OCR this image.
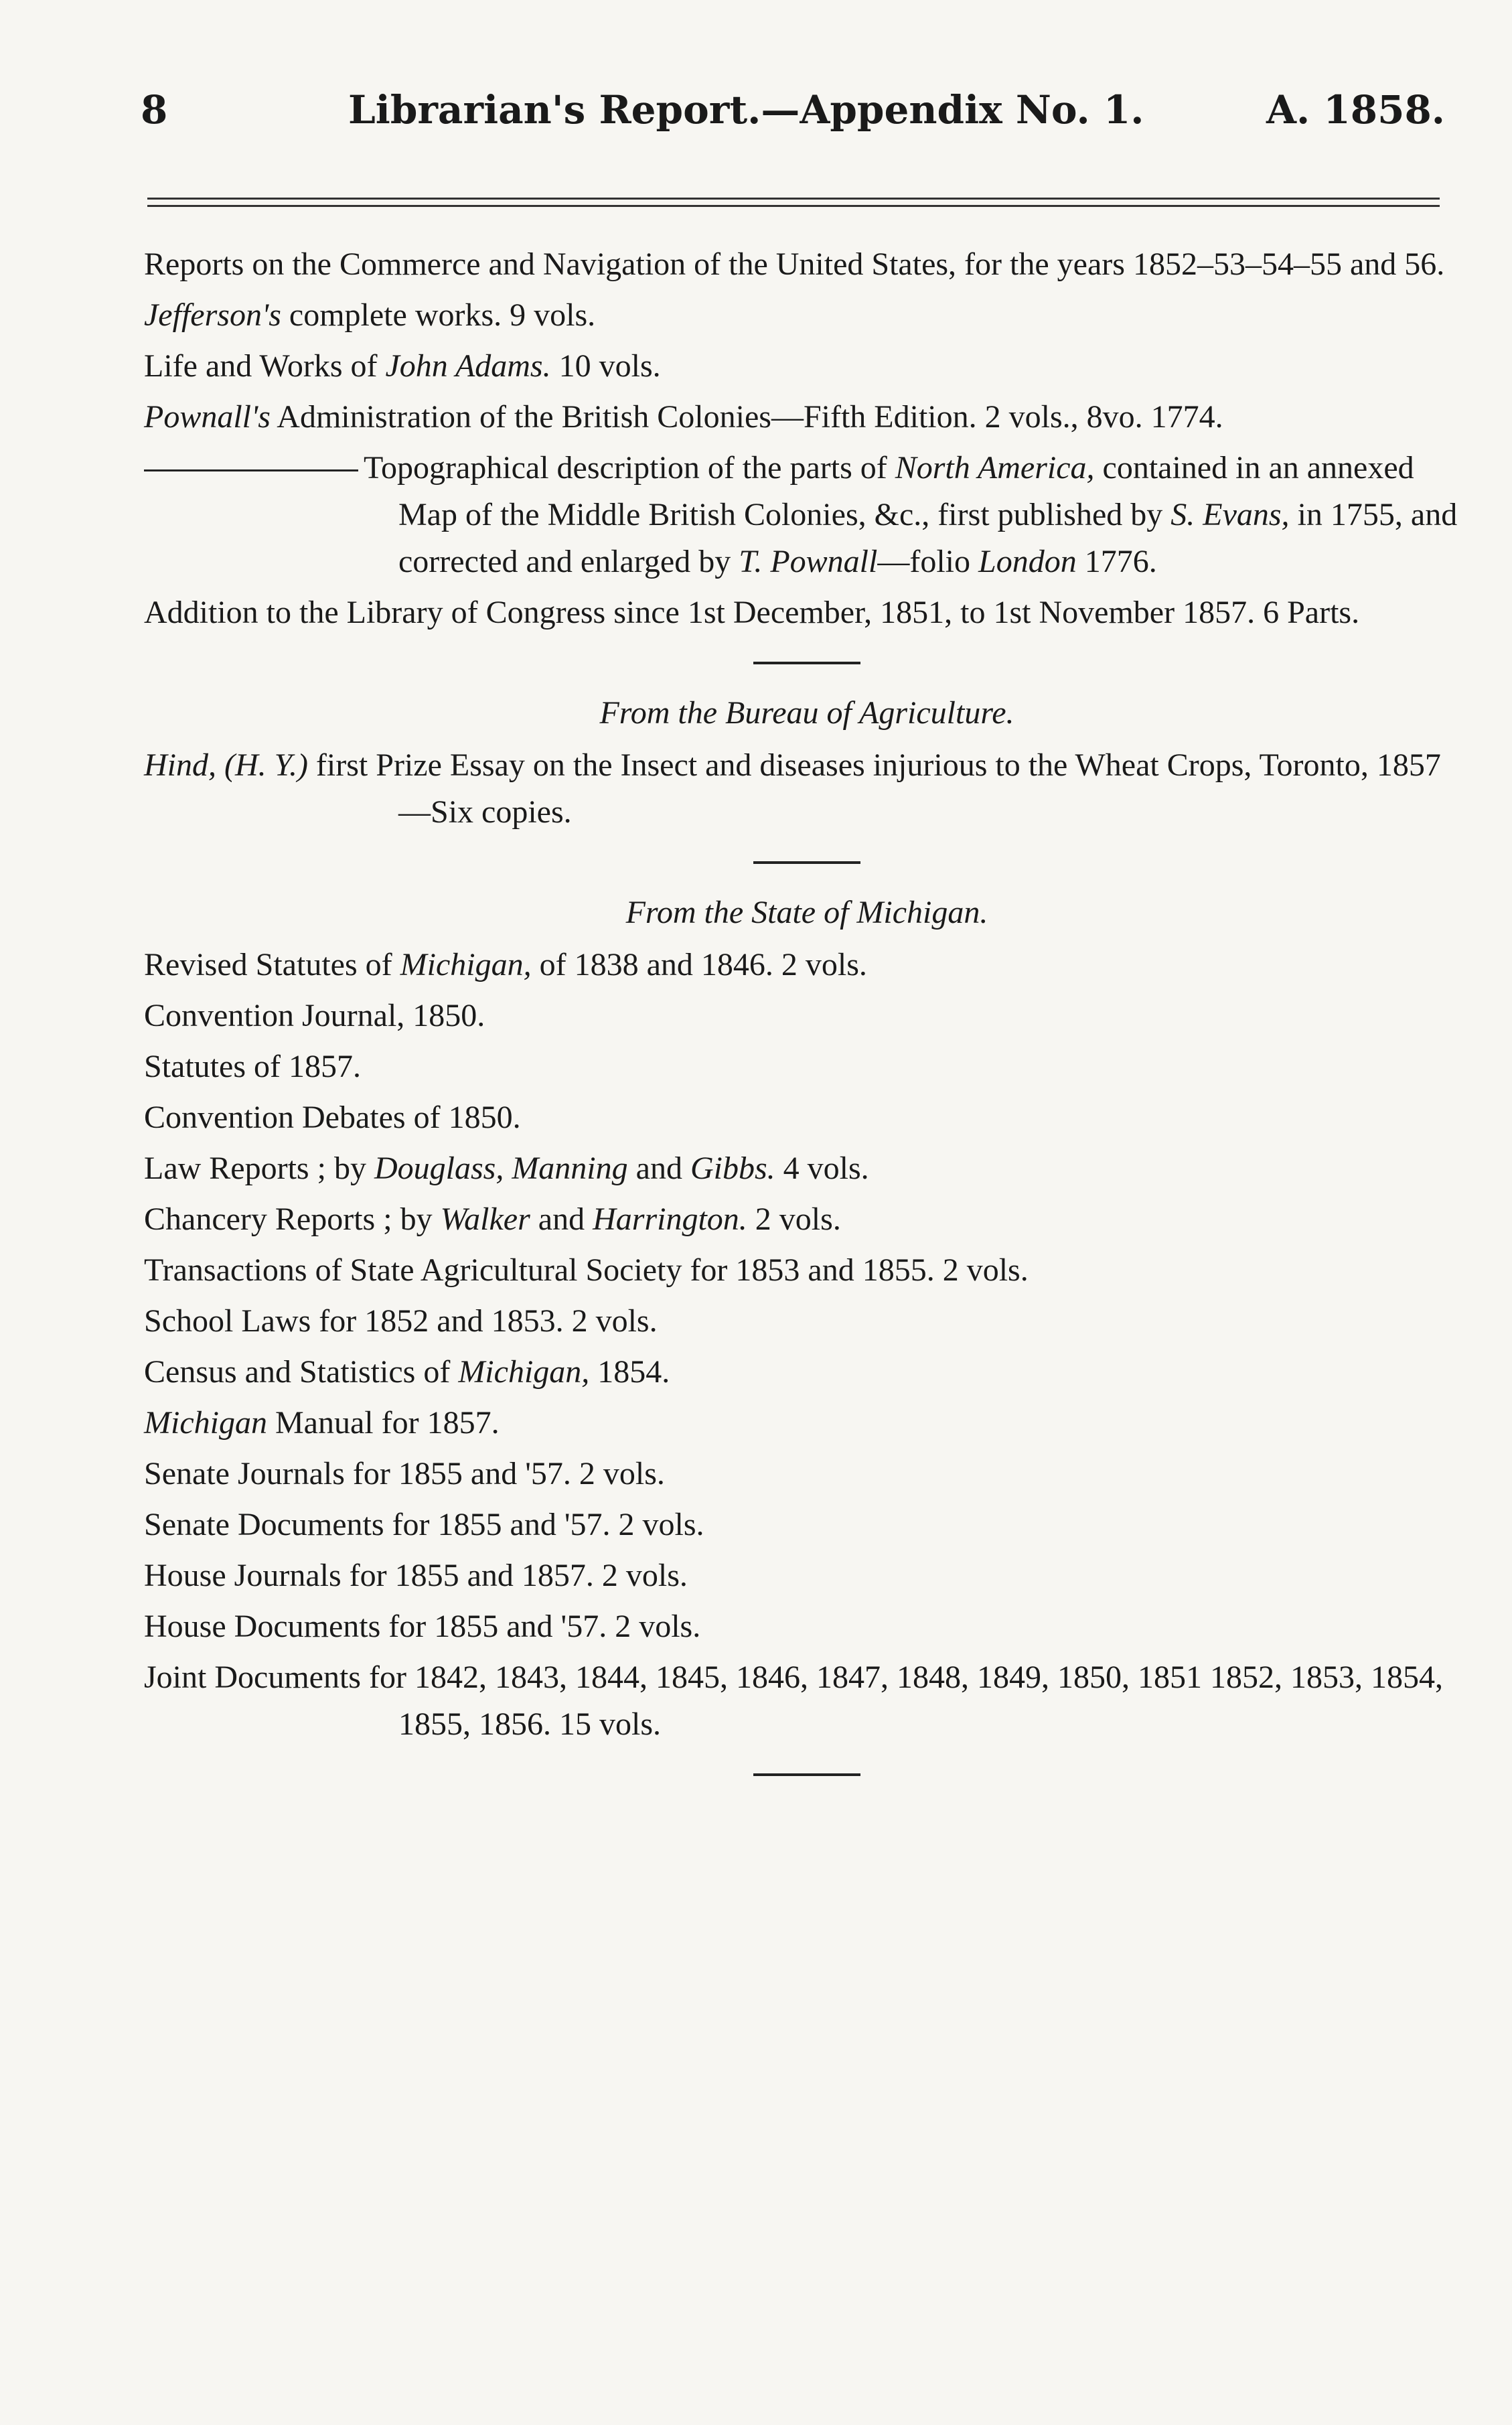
8	Librarian's Report.—Appendix No. 1.	A. 1858.
Reports on the Commerce and Navigation of the United States, for the years 1852–53–54–55 and 56.
Jefferson's complete works. 9 vols.
Life and Works of John Adams. 10 vols.
Pownall's Administration of the British Colonies—Fifth Edition. 2 vols., 8vo. 1774.
Topographical description of the parts of North America, contained in an annexed Map of the Middle British Colonies, &c., first published by S. Evans, in 1755, and corrected and enlarged by T. Pownall—folio London 1776.
Addition to the Library of Congress since 1st December, 1851, to 1st November 1857. 6 Parts.
From the Bureau of Agriculture.
Hind, (H. Y.) first Prize Essay on the Insect and diseases injurious to the Wheat Crops, Toronto, 1857—Six copies.
From the State of Michigan.
Revised Statutes of Michigan, of 1838 and 1846. 2 vols.
Convention Journal, 1850.
Statutes of 1857.
Convention Debates of 1850.
Law Reports ; by Douglass, Manning and Gibbs. 4 vols.
Chancery Reports ; by Walker and Harrington. 2 vols.
Transactions of State Agricultural Society for 1853 and 1855. 2 vols.
School Laws for 1852 and 1853. 2 vols.
Census and Statistics of Michigan, 1854.
Michigan Manual for 1857.
Senate Journals for 1855 and '57. 2 vols.
Senate Documents for 1855 and '57. 2 vols.
House Journals for 1855 and 1857. 2 vols.
House Documents for 1855 and '57. 2 vols.
Joint Documents for 1842, 1843, 1844, 1845, 1846, 1847, 1848, 1849, 1850, 1851 1852, 1853, 1854, 1855, 1856. 15 vols.
